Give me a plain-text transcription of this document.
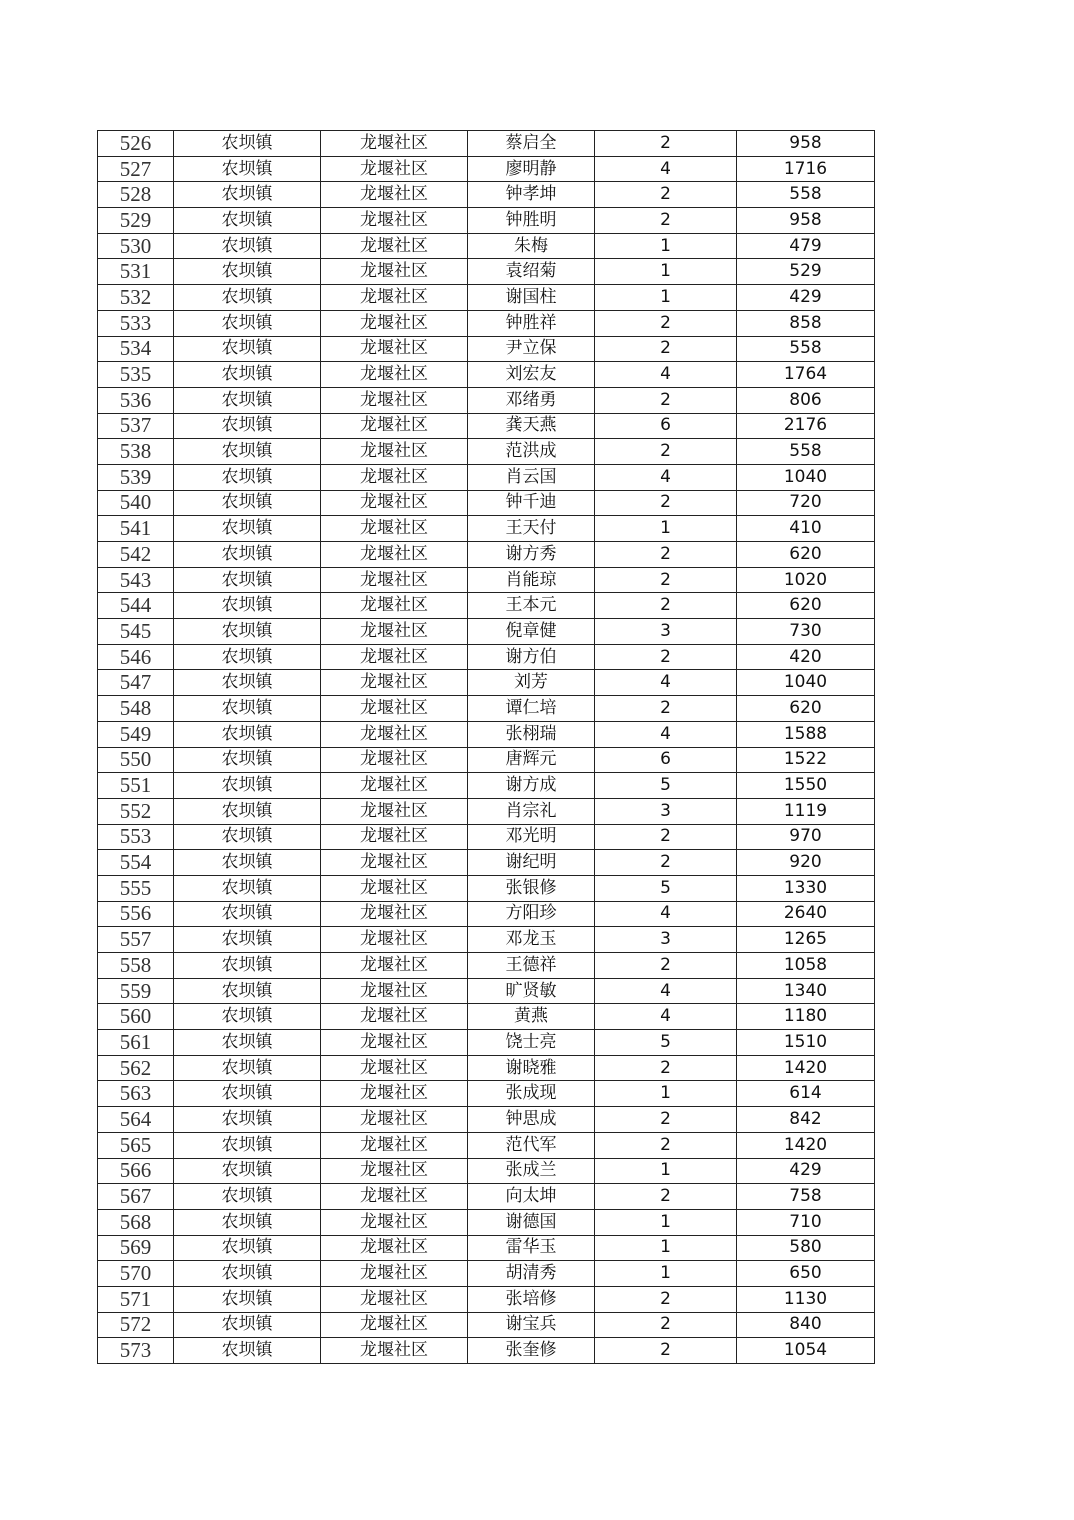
526	农坝镇	龙堰社区	蔡启全	2	958
527	农坝镇	龙堰社区	廖明静	4	1716
528	农坝镇	龙堰社区	钟孝坤	2	558
529	农坝镇	龙堰社区	钟胜明	2	958
530	农坝镇	龙堰社区	朱梅	1	479
531	农坝镇	龙堰社区	袁绍菊	1	529
532	农坝镇	龙堰社区	谢国柱	1	429
533	农坝镇	龙堰社区	钟胜祥	2	858
534	农坝镇	龙堰社区	尹立保	2	558
535	农坝镇	龙堰社区	刘宏友	4	1764
536	农坝镇	龙堰社区	邓绪勇	2	806
537	农坝镇	龙堰社区	龚天燕	6	2176
538	农坝镇	龙堰社区	范洪成	2	558
539	农坝镇	龙堰社区	肖云国	4	1040
540	农坝镇	龙堰社区	钟千迪	2	720
541	农坝镇	龙堰社区	王天付	1	410
542	农坝镇	龙堰社区	谢方秀	2	620
543	农坝镇	龙堰社区	肖能琼	2	1020
544	农坝镇	龙堰社区	王本元	2	620
545	农坝镇	龙堰社区	倪章健	3	730
546	农坝镇	龙堰社区	谢方伯	2	420
547	农坝镇	龙堰社区	刘芳	4	1040
548	农坝镇	龙堰社区	谭仁培	2	620
549	农坝镇	龙堰社区	张栩瑞	4	1588
550	农坝镇	龙堰社区	唐辉元	6	1522
551	农坝镇	龙堰社区	谢方成	5	1550
552	农坝镇	龙堰社区	肖宗礼	3	1119
553	农坝镇	龙堰社区	邓光明	2	970
554	农坝镇	龙堰社区	谢纪明	2	920
555	农坝镇	龙堰社区	张银修	5	1330
556	农坝镇	龙堰社区	方阳珍	4	2640
557	农坝镇	龙堰社区	邓龙玉	3	1265
558	农坝镇	龙堰社区	王德祥	2	1058
559	农坝镇	龙堰社区	旷贤敏	4	1340
560	农坝镇	龙堰社区	黄燕	4	1180
561	农坝镇	龙堰社区	饶士亮	5	1510
562	农坝镇	龙堰社区	谢晓雅	2	1420
563	农坝镇	龙堰社区	张成现	1	614
564	农坝镇	龙堰社区	钟思成	2	842
565	农坝镇	龙堰社区	范代军	2	1420
566	农坝镇	龙堰社区	张成兰	1	429
567	农坝镇	龙堰社区	向太坤	2	758
568	农坝镇	龙堰社区	谢德国	1	710
569	农坝镇	龙堰社区	雷华玉	1	580
570	农坝镇	龙堰社区	胡清秀	1	650
571	农坝镇	龙堰社区	张培修	2	1130
572	农坝镇	龙堰社区	谢宝兵	2	840
573	农坝镇	龙堰社区	张奎修	2	1054
